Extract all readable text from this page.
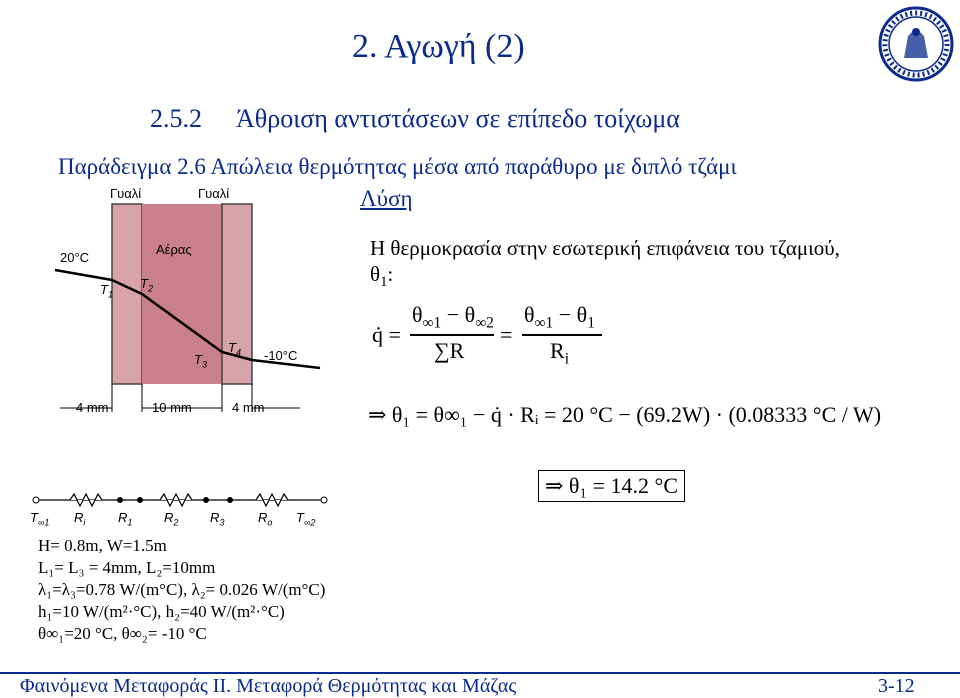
2. Αγωγή (2)
2.5.2 Άθροιση αντιστάσεων σε επίπεδο τοίχωμα
Παράδειγμα 2.6 Απώλεια θερμότητας μέσα από παράθυρο με διπλό τζάμι
Γυαλί	Γυαλί
Αέρας
20°C
-10°C
$T_1$
$T_2$
$T_3$
$T_4$
4 mm	10 mm	4 mm
$T_{\infty 1}$ $R_i$	$R_1$ $R_2$ $R_3$	$R_o$ $T_{\infty 2}$
Λύση
Η θερμοκρασία στην εσωτερική επιφάνεια του τζαμιού,
$\theta_1$:
q̇ =
$\theta_{\infty 1} - \theta_{\infty 2}$
∑R
=
$\theta_{\infty 1} - \theta_1$
$R_i$
⇒ θ₁ = θ∞₁ − q̇ · Rᵢ = 20 °C − (69.2W) · (0.08333 °C / W)
⇒ θ₁ = 14.2 °C
H= 0.8m, W=1.5m
L₁= L₃ = 4mm, L₂=10mm
λ₁=λ₃=0.78 W/(m°C), λ₂= 0.026 W/(m°C)
h₁=10 W/(m²·°C), h₂=40 W/(m²·°C)
θ∞₁=20 °C, θ∞₂= -10 °C
Φαινόμενα Μεταφοράς ΙΙ. Μεταφορά Θερμότητας και Μάζας	3-12
